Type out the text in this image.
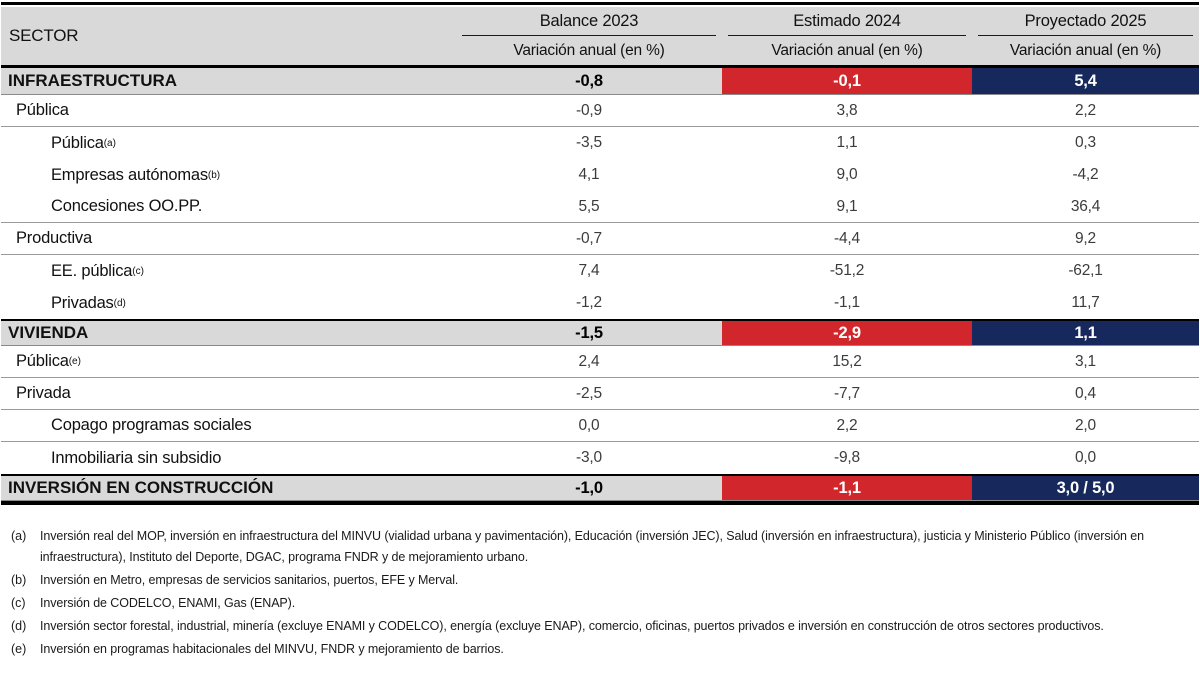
SECTOR
Balance 2023
Variación anual (en %)
Estimado 2024
Variación anual (en %)
Proyectado 2025
Variación anual (en %)
INFRAESTRUCTURA	-0,8	-0,1	5,4
Pública	-0,9	3,8	2,2
Pública (a)	-3,5	1,1	0,3
Empresas autónomas (b)	4,1	9,0	-4,2
Concesiones OO.PP.	5,5	9,1	36,4
Productiva	-0,7	-4,4	9,2
EE. pública (c)	7,4	-51,2	-62,1
Privadas (d)	-1,2	-1,1	11,7
VIVIENDA	-1,5	-2,9	1,1
Pública (e)	2,4	15,2	3,1
Privada	-2,5	-7,7	0,4
Copago programas sociales	0,0	2,2	2,0
Inmobiliaria sin subsidio	-3,0	-9,8	0,0
INVERSIÓN EN CONSTRUCCIÓN	-1,0	-1,1	3,0 / 5,0
(a)	Inversión real del MOP, inversión en infraestructura del MINVU (vialidad urbana y pavimentación), Educación (inversión JEC), Salud (inversión en infraestructura), justicia y Ministerio Público (inversión en infraestructura), Instituto del Deporte, DGAC, programa FNDR y de mejoramiento urbano.
(b)	Inversión en Metro, empresas de servicios sanitarios, puertos, EFE y Merval.
(c)	Inversión de CODELCO, ENAMI, Gas (ENAP).
(d)	Inversión sector forestal, industrial, minería (excluye ENAMI y CODELCO), energía (excluye ENAP), comercio, oficinas, puertos privados e inversión en construcción de otros sectores productivos.
(e)	Inversión en programas habitacionales del MINVU, FNDR y mejoramiento de barrios.
